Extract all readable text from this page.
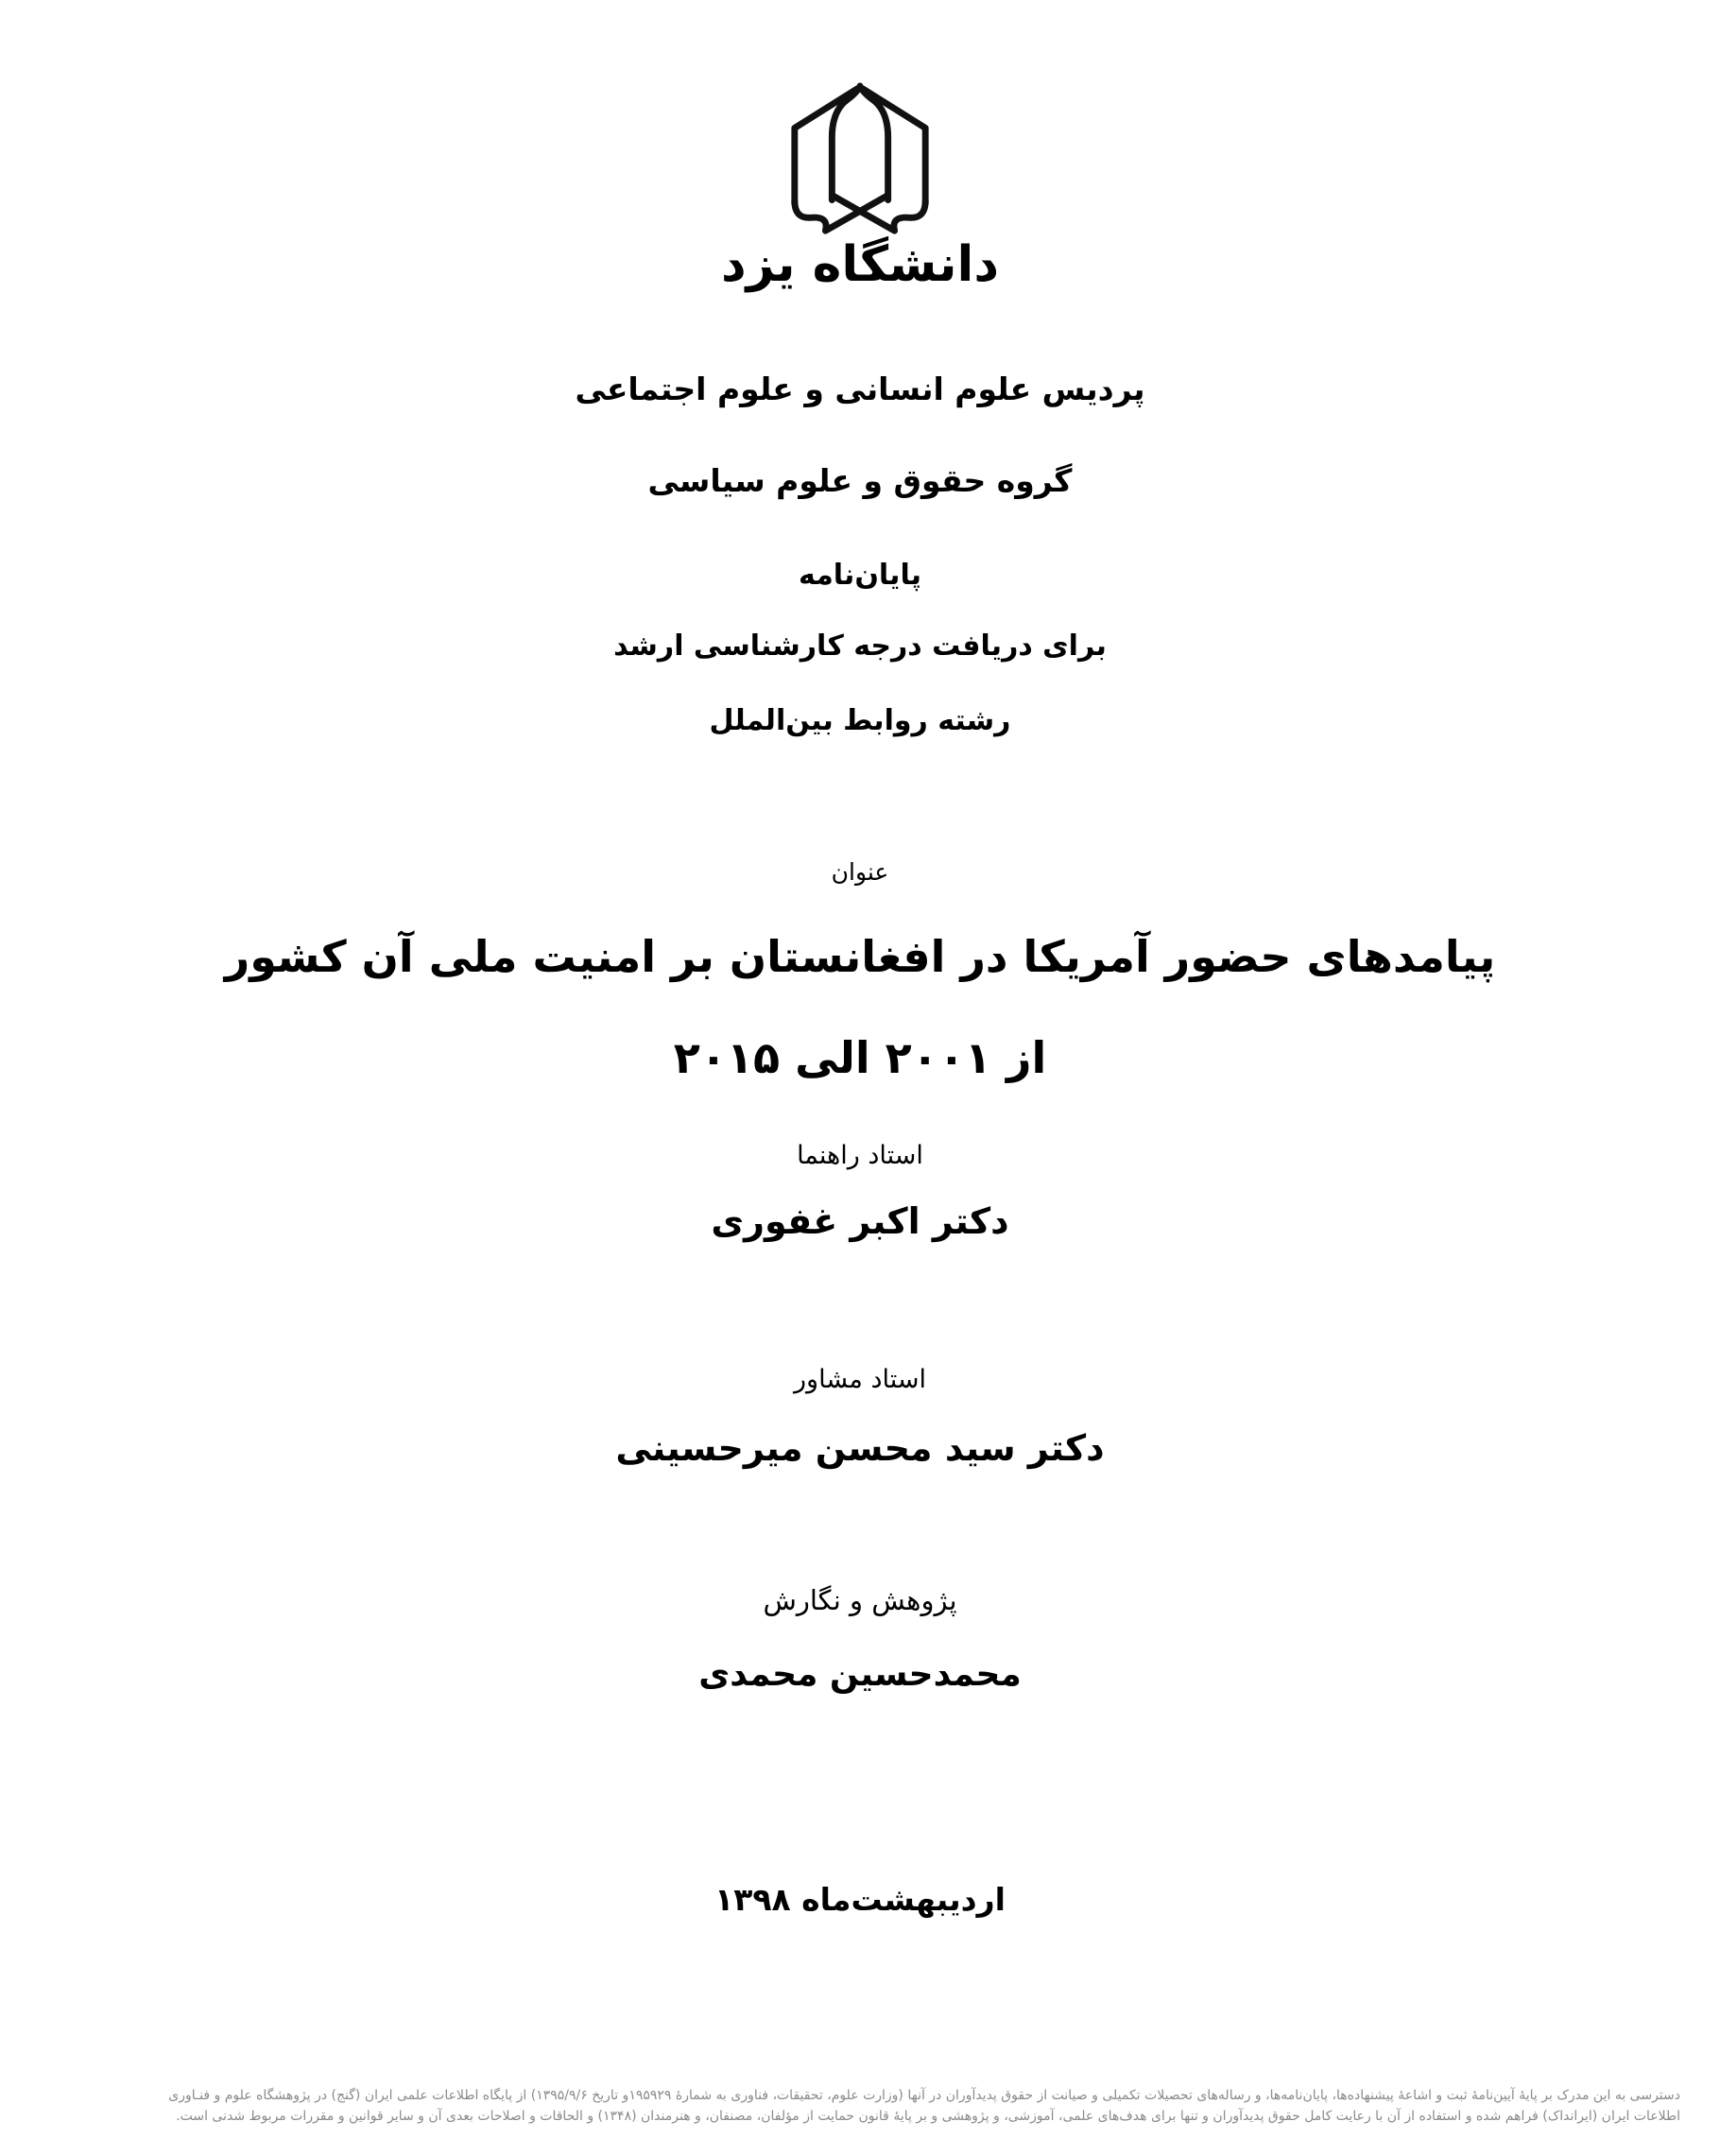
دانشگاه یزد
پردیس علوم انسانی و علوم اجتماعی
گروه حقوق و علوم سیاسی
پایان‌نامه
برای دریافت درجه کارشناسی ارشد
رشته روابط بین‌الملل
عنوان
پیامدهای حضور آمریکا در افغانستان بر امنیت ملی آن کشور
از ۲۰۰۱ الی ۲۰۱۵
استاد راهنما
دکتر اکبر غفوری
استاد مشاور
دکتر سید محسن میرحسینی
پژوهش و نگارش
محمدحسین محمدی
اردیبهشت‌ماه ۱۳۹۸
دسترسی به این مدرک بر پایهٔ آیین‌نامهٔ ثبت و اشاعهٔ پیشنهاده‌ها، پایان‌نامه‌ها، و رساله‌های تحصیلات تکمیلی و صیانت از حقوق پدیدآوران در آنها (وزارت علوم، تحقیقات، فناوری به شمارهٔ ۱۹۵۹۲۹و تاریخ ۱۳۹۵/۹/۶) از پایگاه اطلاعات علمی ایران (گنج) در پژوهشگاه علوم و فنـاوری
اطلاعات ایران (ایرانداک) فراهم شده و استفاده از آن با رعایت کامل حقوق پدیدآوران و تنها برای هدف‌های علمی، آموزشی، و پژوهشی و بر پایهٔ قانون حمایت از مؤلفان، مصنفان، و هنرمندان (۱۳۴۸) و الحاقات و اصلاحات بعدی آن و سایر قوانین و مقررات مربوط شدنی است.
